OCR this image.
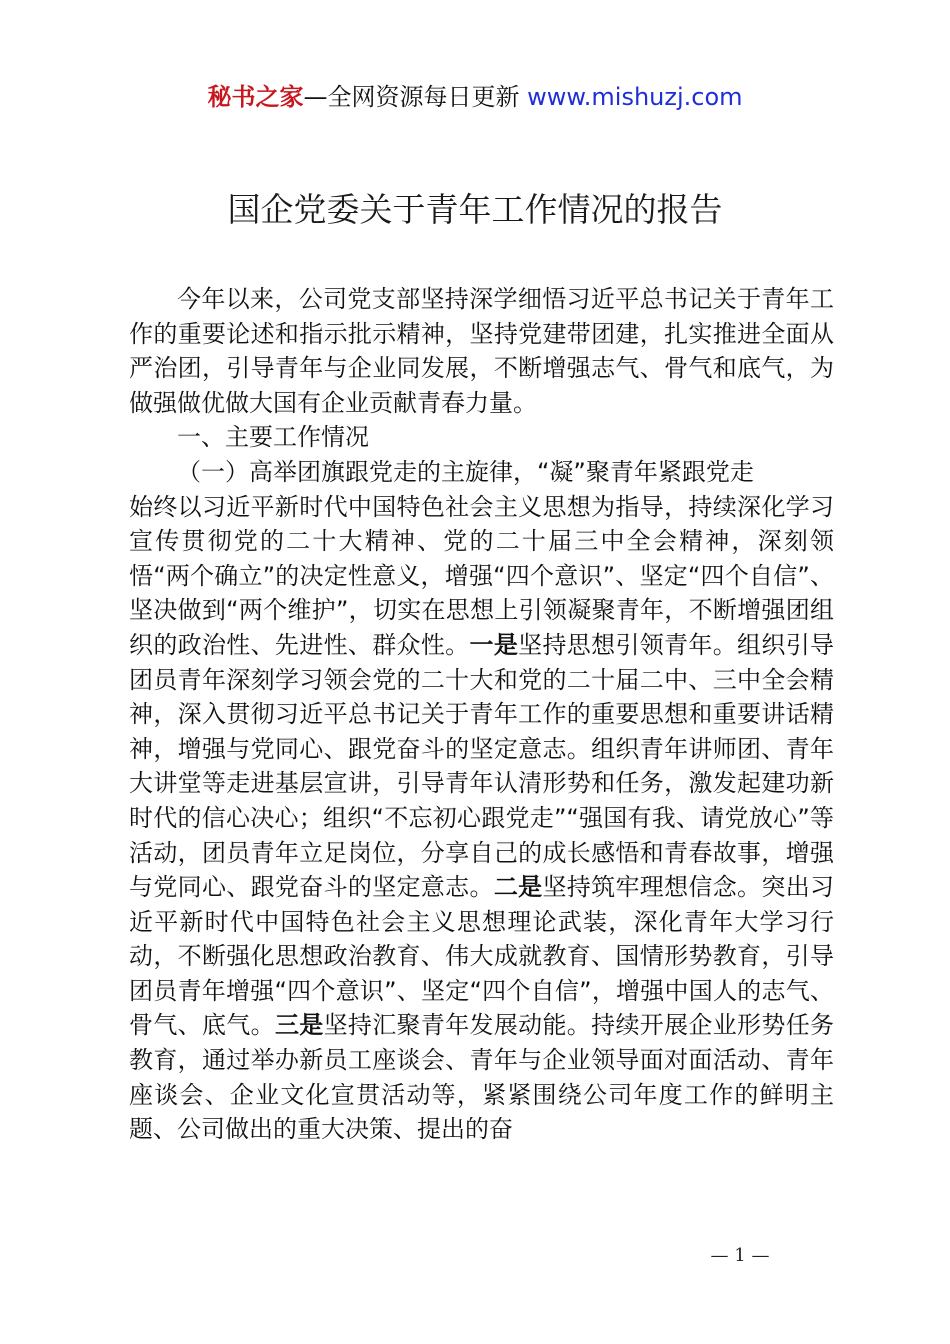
秘书之家—全网资源每日更新 www.mishuzj.com
国企党委关于青年工作情况的报告

今年以来，公司党支部坚持深学细悟习近平总书记关于青年工作的重要论述和指示批示精神，坚持党建带团建，扎实推进全面从严治团，引导青年与企业同发展，不断增强志气、骨气和底气，为做强做优做大国有企业贡献青春力量。

一、主要工作情况

（一）高举团旗跟党走的主旋律，“凝”聚青年紧跟党走

始终以习近平新时代中国特色社会主义思想为指导，持续深化学习宣传贯彻党的二十大精神、党的二十届三中全会精神，深刻领悟“两个确立”的决定性意义，增强“四个意识”、坚定“四个自信”、坚决做到“两个维护”，切实在思想上引领凝聚青年，不断增强团组织的政治性、先进性、群众性。一是坚持思想引领青年。组织引导团员青年深刻学习领会党的二十大和党的二十届二中、三中全会精神，深入贯彻习近平总书记关于青年工作的重要思想和重要讲话精神，增强与党同心、跟党奋斗的坚定意志。组织青年讲师团、青年大讲堂等走进基层宣讲，引导青年认清形势和任务，激发起建功新时代的信心决心；组织“不忘初心跟党走”“强国有我、请党放心”等活动，团员青年立足岗位，分享自己的成长感悟和青春故事，增强与党同心、跟党奋斗的坚定意志。二是坚持筑牢理想信念。突出习近平新时代中国特色社会主义思想理论武装，深化青年大学习行动，不断强化思想政治教育、伟大成就教育、国情形势教育，引导团员青年增强“四个意识”、坚定“四个自信”，增强中国人的志气、骨气、底气。三是坚持汇聚青年发展动能。持续开展企业形势任务教育，通过举办新员工座谈会、青年与企业领导面对面活动、青年座谈会、企业文化宣贯活动等，紧紧围绕公司年度工作的鲜明主题、公司做出的重大决策、提出的奋

— 1 —
